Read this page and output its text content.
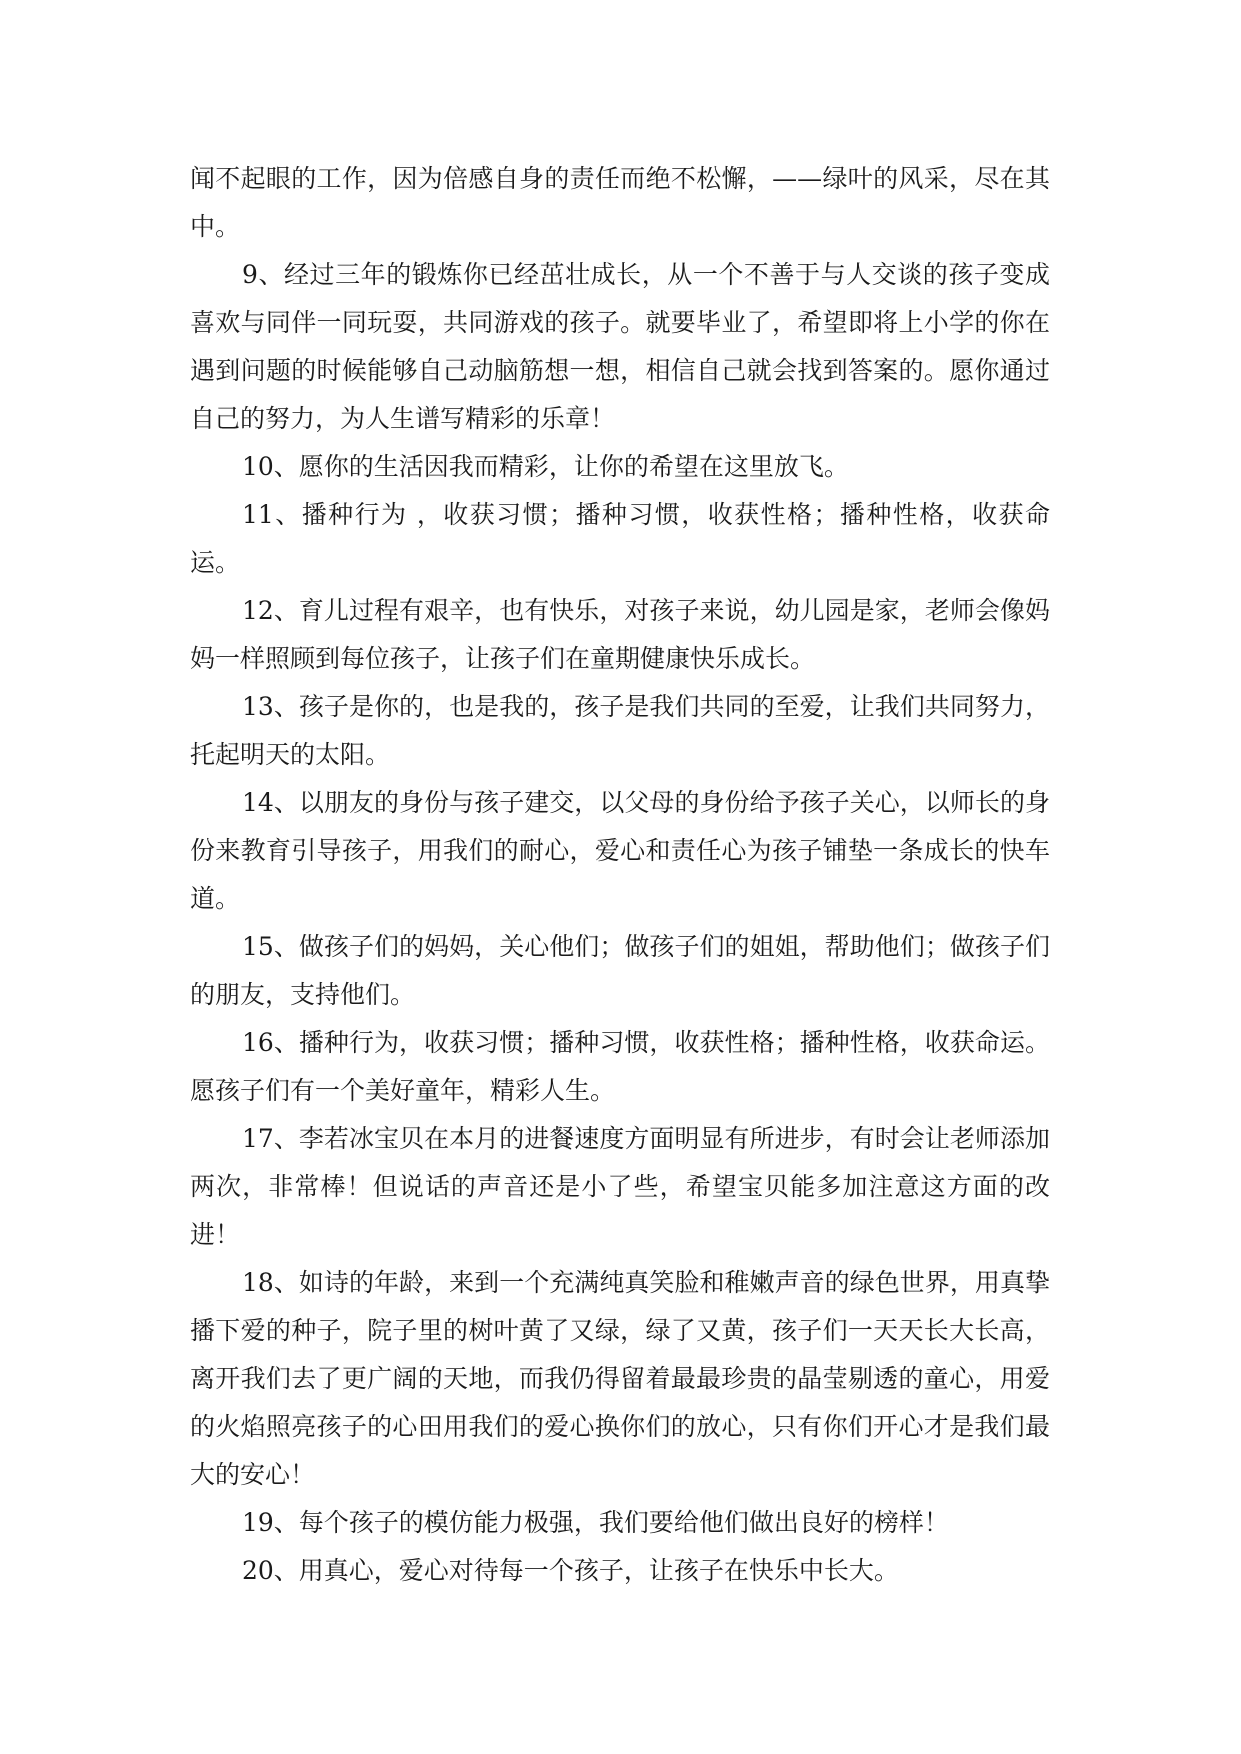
闻不起眼的工作，因为倍感自身的责任而绝不松懈，——绿叶的风采，尽在其中。

9、经过三年的锻炼你已经茁壮成长，从一个不善于与人交谈的孩子变成喜欢与同伴一同玩耍，共同游戏的孩子。就要毕业了，希望即将上小学的你在遇到问题的时候能够自己动脑筋想一想，相信自己就会找到答案的。愿你通过自己的努力，为人生谱写精彩的乐章！

10、愿你的生活因我而精彩，让你的希望在这里放飞。

11、播种行为 ，收获习惯；播种习惯，收获性格；播种性格，收获命运。

12、育儿过程有艰辛，也有快乐，对孩子来说，幼儿园是家，老师会像妈妈一样照顾到每位孩子，让孩子们在童期健康快乐成长。

13、孩子是你的，也是我的，孩子是我们共同的至爱，让我们共同努力，托起明天的太阳。

14、以朋友的身份与孩子建交，以父母的身份给予孩子关心，以师长的身份来教育引导孩子，用我们的耐心，爱心和责任心为孩子铺垫一条成长的快车道。

15、做孩子们的妈妈，关心他们；做孩子们的姐姐，帮助他们；做孩子们的朋友，支持他们。

16、播种行为，收获习惯；播种习惯，收获性格；播种性格，收获命运。愿孩子们有一个美好童年，精彩人生。

17、李若冰宝贝在本月的进餐速度方面明显有所进步，有时会让老师添加两次，非常棒！但说话的声音还是小了些，希望宝贝能多加注意这方面的改进！

18、如诗的年龄，来到一个充满纯真笑脸和稚嫩声音的绿色世界，用真挚播下爱的种子，院子里的树叶黄了又绿，绿了又黄，孩子们一天天长大长高，离开我们去了更广阔的天地，而我仍得留着最最珍贵的晶莹剔透的童心，用爱的火焰照亮孩子的心田用我们的爱心换你们的放心，只有你们开心才是我们最大的安心！

19、每个孩子的模仿能力极强，我们要给他们做出良好的榜样！

20、用真心，爱心对待每一个孩子，让孩子在快乐中长大。
